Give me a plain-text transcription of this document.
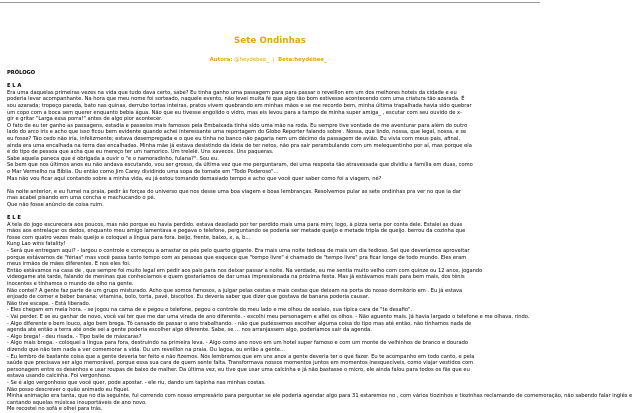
Sete Ondinhas
Autora: @heydebee_ | Beta:heydebee_ -
PRÓLOGO
E L A
Era uma daquelas primeiras vezes na vida que tudo dava certo, sabe? Eu tinha ganho uma passagem para para passar o reveillon em um dos melhores hoteis da cidade e eu
poderia levar acompanhante. Na hora que meu nome foi sorteado, naquele evento, não levei muita fé que algo tão bom estivesse acontecendo com uma criatura tão azarada. É
sou azarada; tropeço parada, bato nas quinas, derrubo tortas inteiras, pratos vivem quebrando em minhas mãos e se me recordo bem, minha última trapalhada havia sido quebrar
um copo com a boca sem querer enquanto bebia água. Não que eu tivesse engolido o vidro, mas eis levou para a tampo de minha super amiga_ , escutar com seu ouvido de x-
gir e gritar "Larga essa porra!" antes de algo pior acontecer.
O fato de eu ter ganho as passagens, estadia e passeios mais famosos pela Embaixada tinha sido uma mão na roda. Eu sempre tive vontade de me aventurar para além do outro
lado do arco iris e acho que isso ficou bem evidente quando achei interessante uma reportagem do Globo Reporter falando sobre . Nossa, que lindo, nossa, que legal, nossa, e se
eu fosse? Tão cedo não iria, infelizmente; estava desempregada e o que eu tinha no banco não pagaria nem um décimo da passagem de avião. Eu vivia com meus pais, afinal,
ainda era uma encalhada na terra das encalhadas. Minha mãe já estava desistindo da ideia de ter netos, não pra sair perambulando com um melequentinho por aí, mas porque ela
é do tipo de pessoa que acha que eu mereço ter um namorico. Um trelelê. Uns xavecos. Uns paqueras.
Sabe aquela paneca que é obrigada a ouvir o "e o namoradinho, fulana?". Sou eu.
Se bem que nos últimos anos eu não andava escutando, vou ser grosso, da última vez que me perguntaram, dei uma resposta tão atravessada que dividiu a família em duas, como
o Mar Vermelho na Bíblia. Ou então como Jim Carey dividindo uma sopa de tomate em "Todo Poderoso"...
Mas não vou ficar aqui contando sobre a minha vida, eu já estou tomando demasiado tempo e acho que você quer saber como foi a viagem, né?

Na noite anterior, e eu fumei na praia, pedir às forças do universo que nos desse uma boa viagem e boas lembranças. Resolvemos pular as sete ondinhas pra ver no que ia dar
mas acabei pisando em uma concha e machucando o pé.
Que não fosse anúncio de coisa ruim.
E L E
A tela do jogo escurecera aos poucos, mas não porque eu havia perdido. estava desolado por ter perdido mais uma para mim; logo, à pizza seria por conta dele. Estalei as duas
mãos aos entrelaçar os dedos, enquanto meu amigo lamentava e pegava o telefone, perguntando se poderia ser metade queijo e metade tripla de queijo. berrou da cozinha que
fosse com quatro vezes mais queijo e coloquei a língua para fora. beijo, frente, baixo, x, a, b...
Kung Lao wins fatality!
- Será que entregam aqui? - largou o controle e começou a arrastar os pés pelo quarto gigante. Era mais uma noite tediosa de mais um dia tedioso. Sei que deveríamos aproveitar
porque estávamos de "férias" mas você passa tanto tempo com as pessoas que esquece que "tempo livre" é chamado de "tempo livre" pra ficar longe de todo mundo. Eles eram
meus irmãos de mães diferentes. E nos eles foi.
Então estávamos na casa de , que sempre foi muito legal em pedir aos pais para nos deixar passar a noite. Na verdade, eu me sentia muito velho com com quinze ou 12 anos, jogando
videogame até tarde, falando de meninas que conhecíamos e quem gostaríamos de dar umas impressionada na próxima festa. Mas já estávamos mais para bem mais, dos tênis
inocentes e tínhamos o mundo de olho na gente.
Não contei? A gente faz parte de um grupo misturado. Acho que somos famosos, a julgar pelas cestas e mais cestas que deixam na porta do nosso dormitório em . Eu já estava
enjoado de comer e beber banana; vitamina, bolo, torta, pavê, biscoitos. Eu deveria saber que dizer que gostava de banana poderia causar.
Não tive escape. - Está liberado.
- Eles chegam em meia hora. - se jogou na cama de e pegou o telefone, pegou o controle do meu lado e me olhou de soslaio, sua típica cara de "te desafio".
- Vai perder. E se eu ganhar de novo, você vai ter que me dar uma virada de ano diferente. - escolhi meu personagem e afiei os olhos. - Não aguento mais. Já havia largado o telefone e me olhava, rindo.
- Algo diferente e bem louco, algo bem brega. Tô cansado de passar o ano trabalhando. - não que pudéssemos escolher alguma coisa do tipo mas até então, não tínhamos nada de
agenda até então a terra até onde sei a gente poderia escolher algo diferente. Sabe, se ... nos arranjassem algo, poderíamos sair da agenda.
- Algo brega! - deu risada. - Tipo baile de máscaras?
- Algo mais brega. - coloquei a língua para fora, destruindo na primeira leva. - Algo como ano novo em um hotel super famoso e com um monte de velhinhos de branco e dourado
dizendo que não tem nada a ver comemorar a vida. Ou um reveillon na praia. Ou lagoa, ou então a gente...
- Eu lembro de bastante coisa que a gente deveria ter feito e não fizemos. Nós lembramos que em uns anos a gente deveria ter o que fazer. Eu te acompanho em todo canto, e pela
saúde que precisava ser algo memorável, porque essa sua cara de quem sente falta. Transformava nossos momentos juntos em momentos inesquecíveis, como viajar vestidos com
personagem entre os desenhos e usar roupas de baixo de malher. Da última vez, eu tive que usar uma calcinha e já não bastasse o micro, ele ainda falou para todos os fãs que eu
estava usando calcinha. Foi vergonhoso.
- Se é algo vergonhoso que você quer, pode apostar. - ele riu, dando um tapinha nas minhas costas.
Não posso descrever o quão animado eu fiquei.
Minha animação era tanta, que no dia seguinte, fui correndo com nosso empresário para perguntar se ele poderia agendar algo para 31 estaremos no , com vários tiozinhos e tiozinhas reclamando de comemoração, não sabendo falar inglês e
cantando aquelas músicas insuportáveis de ano novo.
Me recostei no sofá e olhei para trás.
